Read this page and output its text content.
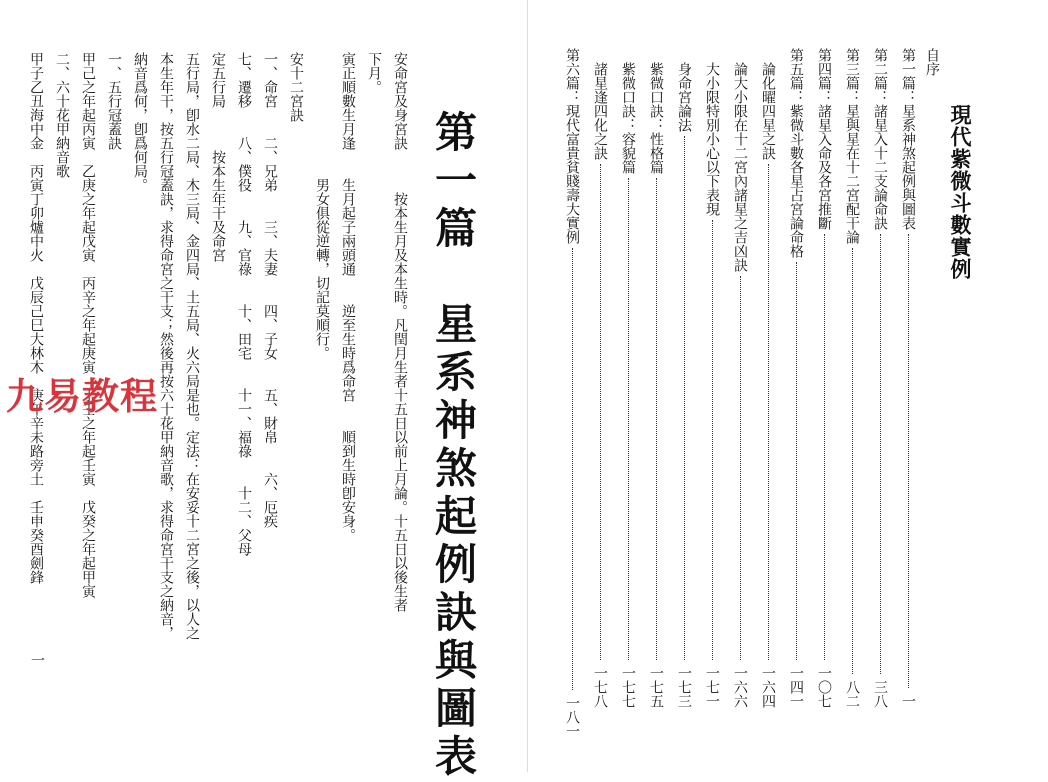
現代紫微斗數實例
自序
第一篇：星系神煞起例與圖表
一
第二篇：諸星入十二支論命訣
三八
第三篇：星與星在十二宮配干論
八二
第四篇：諸星入命及各宮推斷
一〇七
第五篇：紫微斗數各星占宮論命格
一四一
論化曜四星之訣
一六四
論大小限在十二宮內諸星之吉凶訣
一六六
大小限特別小心以下表現
一七一
身命宮論法
一七三
紫微口訣：性格篇
一七五
紫微口訣：容貌篇
一七七
諸星逢四化之訣
一七八
第六篇：現代富貴貧賤壽大實例
一八一
第一篇　星系神煞起例訣與圖表
安命宮及身宮訣　　　按本生月及本生時。凡閏月生者十五日以前上月論。十五日以後生者
下月。
寅正順數生月逢　　生月起子兩頭通　　逆至生時爲命宮　　順到生時卽安身。
　　　　　　　　　男女俱從逆轉，切記莫順行。
安十二宮訣
一、命宮　　二、兄弟　　三、夫妻　　四、子女　　五、財帛　　六、厄疾
七、遷移　　八、僕役　　九、官祿　　十、田宅　　十一、福祿　　十二、父母
定五行局　　　按本生年干及命宮
五行局，卽水二局、木三局、金四局、土五局、火六局是也。定法：在安妥十二宮之後，以人之
本生年干，按五行冠蓋訣，求得命宮之干支；然後再按六十花甲納音歌，求得命宮干支之納音，
納音爲何，卽爲何局。
一、五行冠蓋訣
甲己之年起丙寅　乙庚之年起戊寅　丙辛之年起庚寅　丁壬之年起壬寅　戊癸之年起甲寅
二、六十花甲納音歌
甲子乙丑海中金　丙寅丁卯爐中火　戊辰己巳大林木　庚午辛未路旁土　壬申癸酉劍鋒
一
九易教程
